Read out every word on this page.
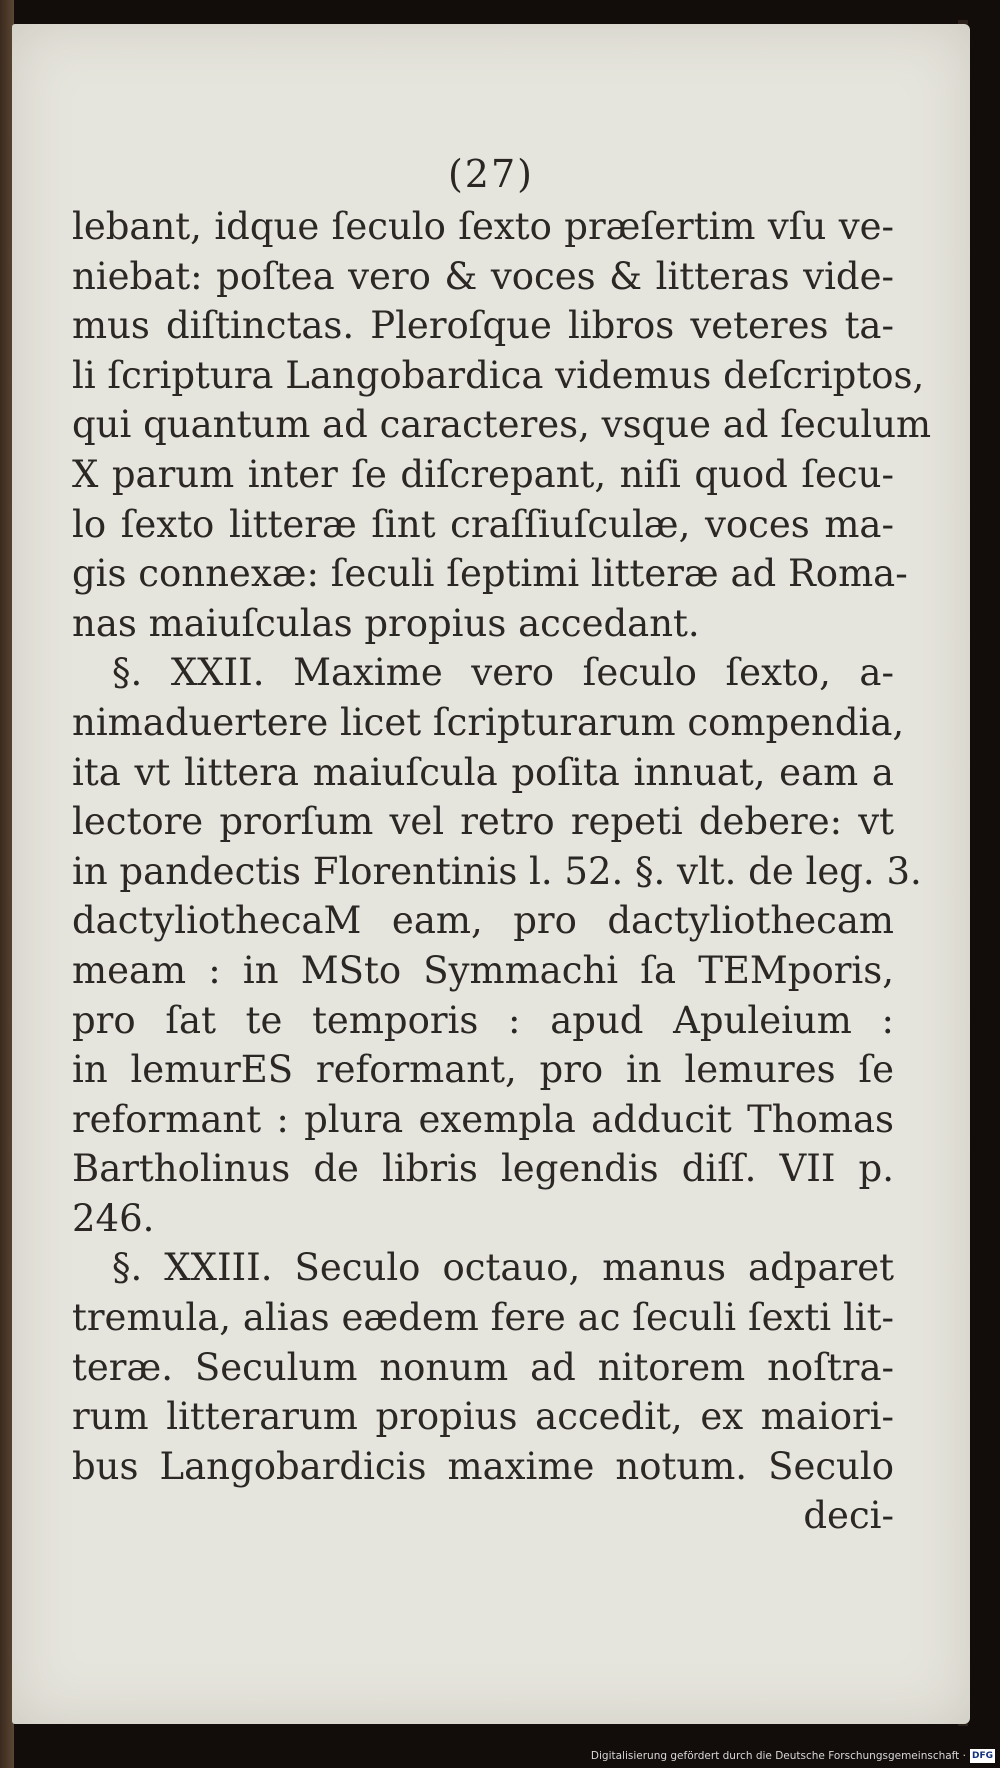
(27)
lebant, idque ſeculo ſexto præſertim vſu ve-
niebat: poſtea vero & voces & litteras vide-
mus diſtinctas. Pleroſque libros veteres ta-
li ſcriptura Langobardica videmus deſcriptos,
qui quantum ad caracteres, vsque ad ſeculum
X parum inter ſe diſcrepant, niſi quod ſecu-
lo ſexto litteræ ſint craſſiuſculæ, voces ma-
gis connexæ: ſeculi ſeptimi litteræ ad Roma-
nas maiuſculas propius accedant.
§. XXII. Maxime vero ſeculo ſexto, a-
nimaduertere licet ſcripturarum compendia,
ita vt littera maiuſcula poſita innuat, eam a
lectore prorſum vel retro repeti debere: vt
in pandectis Florentinis l. 52. §. vlt. de leg. 3.
dactyliothecaM eam, pro dactyliothecam
meam : in MSto Symmachi ſa TEMporis,
pro ſat te temporis : apud Apuleium :
in lemurES reformant, pro in lemures ſe
reformant : plura exempla adducit Thomas
Bartholinus de libris legendis diſſ. VII p.
246.
§. XXIII. Seculo octauo, manus adparet
tremula, alias eædem fere ac ſeculi ſexti lit-
teræ. Seculum nonum ad nitorem noſtra-
rum litterarum propius accedit, ex maiori-
bus Langobardicis maxime notum. Seculo
deci-
Digitalisierung gefördert durch die Deutsche Forschungsgemeinschaft · DFG
